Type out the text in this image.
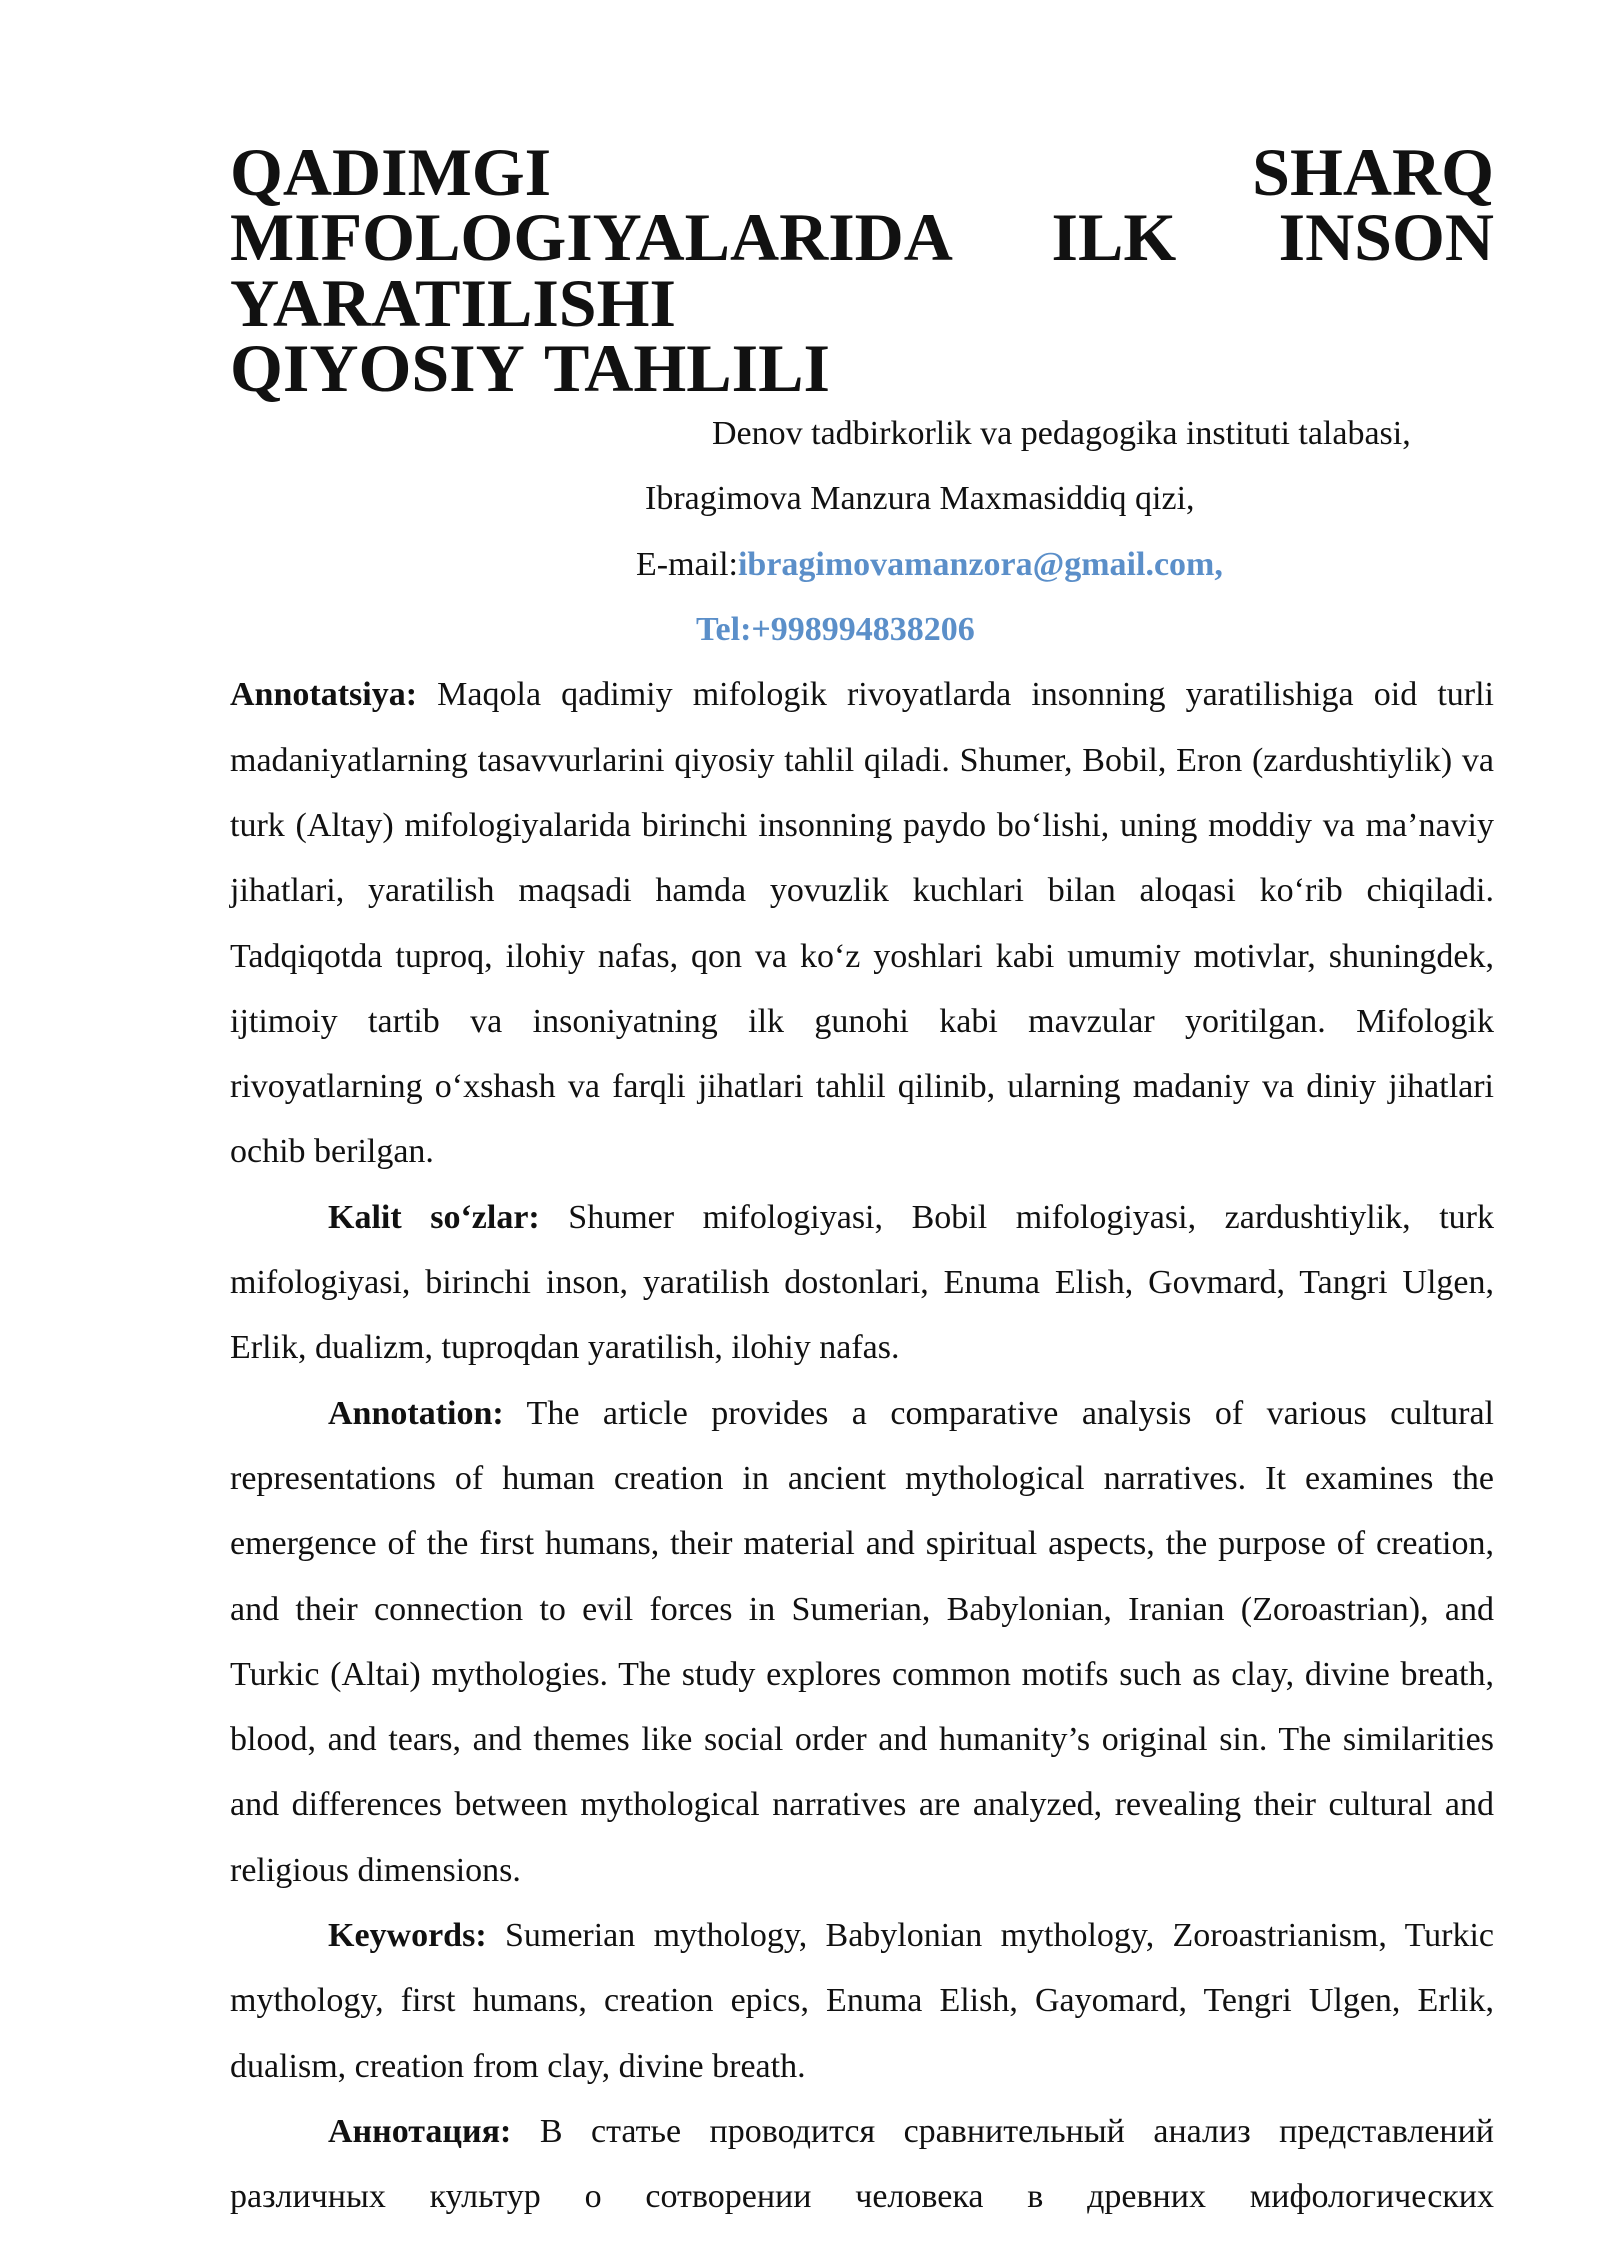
QADIMGI SHARQ MIFOLOGIYALARIDA ILK INSON YARATILISHI
QIYOSIY TAHLILI
Denov tadbirkorlik va pedagogika instituti talabasi,
Ibragimova Manzura Maxmasiddiq qizi,
E-mail:ibragimovamanzora@gmail.com,
Tel:+998994838206

Annotatsiya: Maqola qadimiy mifologik rivoyatlarda insonning yaratilishiga oid turli madaniyatlarning tasavvurlarini qiyosiy tahlil qiladi. Shumer, Bobil, Eron (zardushtiylik) va turk (Altay) mifologiyalarida birinchi insonning paydo bo‘lishi, uning moddiy va ma’naviy jihatlari, yaratilish maqsadi hamda yovuzlik kuchlari bilan aloqasi ko‘rib chiqiladi. Tadqiqotda tuproq, ilohiy nafas, qon va ko‘z yoshlari kabi umumiy motivlar, shuningdek, ijtimoiy tartib va insoniyatning ilk gunohi kabi mavzular yoritilgan. Mifologik rivoyatlarning o‘xshash va farqli jihatlari tahlil qilinib, ularning madaniy va diniy jihatlari ochib berilgan.

Kalit so‘zlar: Shumer mifologiyasi, Bobil mifologiyasi, zardushtiylik, turk mifologiyasi, birinchi inson, yaratilish dostonlari, Enuma Elish, Govmard, Tangri Ulgen, Erlik, dualizm, tuproqdan yaratilish, ilohiy nafas.

Annotation: The article provides a comparative analysis of various cultural representations of human creation in ancient mythological narratives. It examines the emergence of the first humans, their material and spiritual aspects, the purpose of creation, and their connection to evil forces in Sumerian, Babylonian, Iranian (Zoroastrian), and Turkic (Altai) mythologies. The study explores common motifs such as clay, divine breath, blood, and tears, and themes like social order and humanity’s original sin. The similarities and differences between mythological narratives are analyzed, revealing their cultural and religious dimensions.

Keywords: Sumerian mythology, Babylonian mythology, Zoroastrianism, Turkic mythology, first humans, creation epics, Enuma Elish, Gayomard, Tengri Ulgen, Erlik, dualism, creation from clay, divine breath.

Аннотация: В статье проводится сравнительный анализ представлений различных культур о сотворении человека в древних мифологических
